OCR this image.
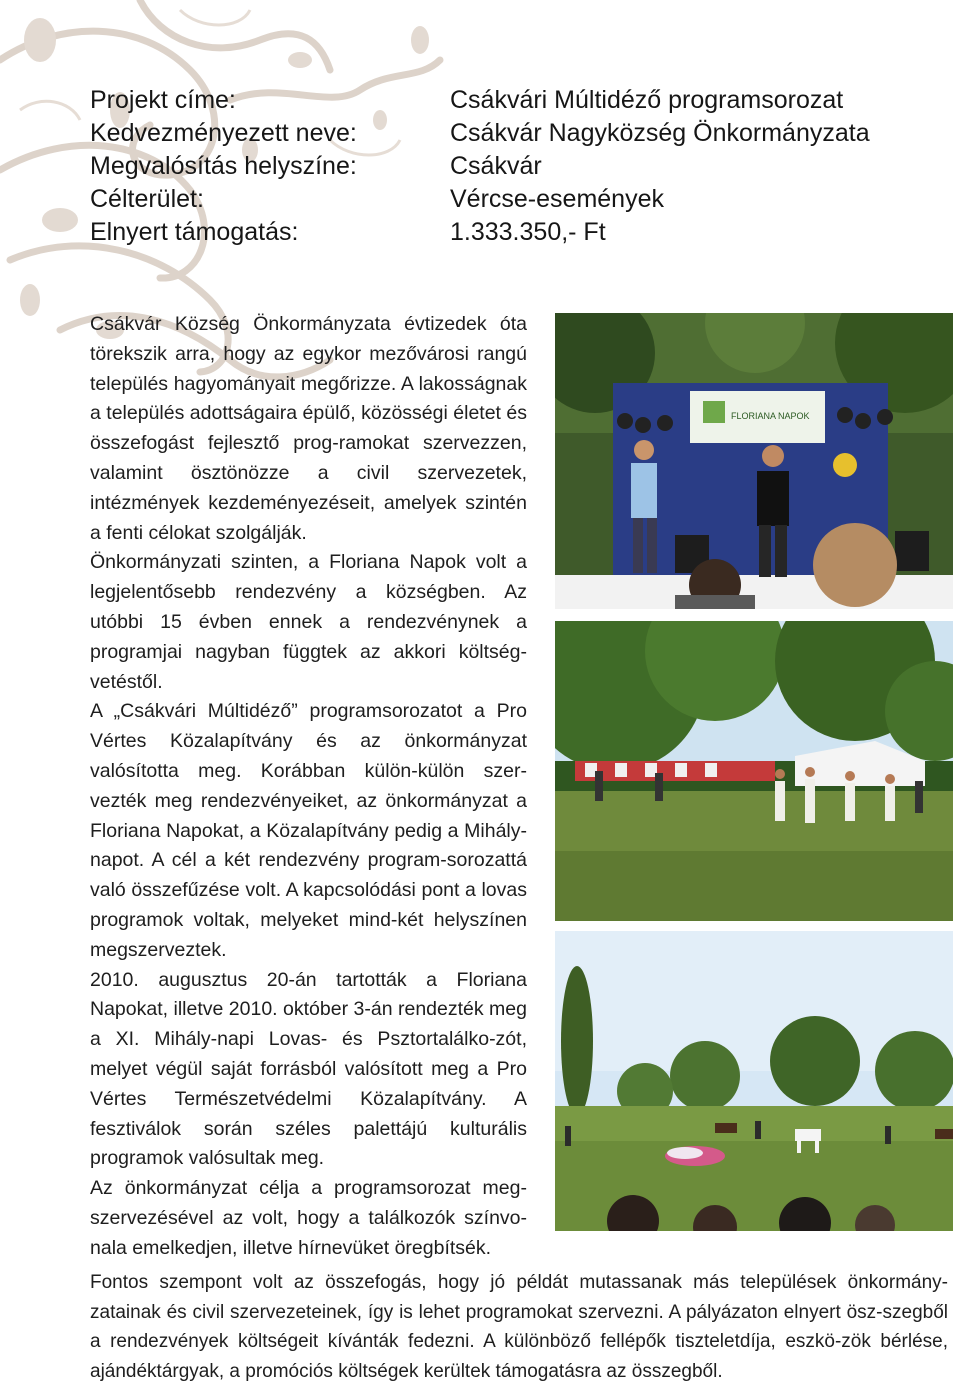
Projekt címe:	Csákvári Múltidéző programsorozat
Kedvezményezett neve:	Csákvár Nagyközség Önkormányzata
Megvalósítás helyszíne:	Csákvár
Célterület:	Vércse-események
Elnyert támogatás:	1.333.350,- Ft

Csákvár Község Önkormányzata évtizedek óta törekszik arra, hogy az egykor mezővárosi rangú település hagyományait megőrizze. A lakosságnak a település adottságaira épülő, közösségi életet és összefogást fejlesztő prog-ramokat szervezzen, valamint ösztönözze a civil szervezetek, intézmények kezdeményezéseit, amelyek szintén a fenti célokat szolgálják.

Önkormányzati szinten, a Floriana Napok volt a legjelentősebb rendezvény a községben. Az utóbbi 15 évben ennek a rendezvénynek a programjai nagyban függtek az akkori költség-vetéstől.

A „Csákvári Múltidéző” programsorozatot a Pro Vértes Közalapítvány és az önkormányzat valósította meg. Korábban külön-külön szer-vezték meg rendezvényeiket, az önkormányzat a Floriana Napokat, a Közalapítvány pedig a Mihály-napot. A cél a két rendezvény program-sorozattá való összefűzése volt. A kapcsolódási pont a lovas programok voltak, melyeket mind-két helyszínen megszerveztek.

2010. augusztus 20-án tartották a Floriana Napokat, illetve 2010. október 3-án rendezték meg a XI. Mihály-napi Lovas- és Psztortalálko-zót, melyet végül saját forrásból valósított meg a Pro Vértes Természetvédelmi Közalapítvány. A fesztiválok során széles palettájú kulturális programok valósultak meg.

Az önkormányzat célja a programsorozat meg-szervezésével az volt, hogy a találkozók színvo-nala emelkedjen, illetve hírnevüket öregbítsék.

Fontos szempont volt az összefogás, hogy jó példát mutassanak más települések önkormány-zatainak és civil szervezeteinek, így is lehet programokat szervezni. A pályázaton elnyert ösz-szegből a rendezvények költségeit kívánták fedezni. A különböző fellépők tiszteletdíja, eszkö-zök bérlése, ajándéktárgyak, a promóciós költségek kerültek támogatásra az összegből.

FLORIANA NAPOK
